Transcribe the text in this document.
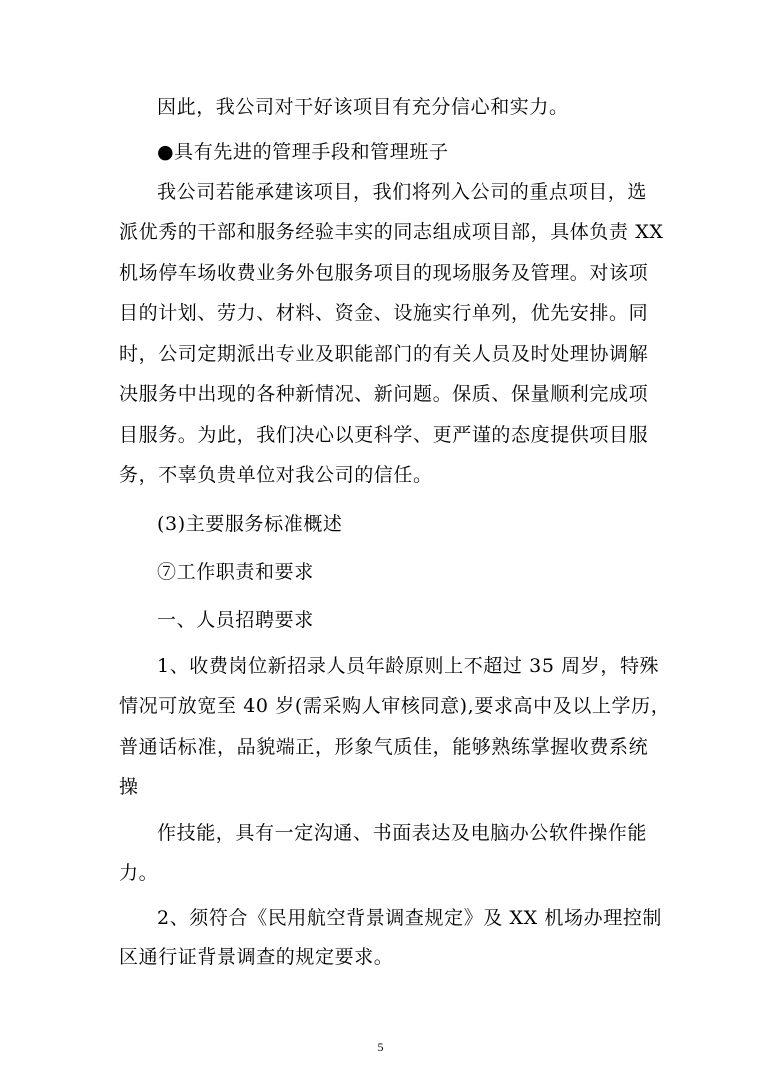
因此，我公司对干好该项目有充分信心和实力。
●具有先进的管理手段和管理班子
我公司若能承建该项目，我们将列入公司的重点项目，选
派优秀的干部和服务经验丰实的同志组成项目部，具体负责 XX
机场停车场收费业务外包服务项目的现场服务及管理。对该项
目的计划、劳力、材料、资金、设施实行单列，优先安排。同
时，公司定期派出专业及职能部门的有关人员及时处理协调解
决服务中出现的各种新情况、新问题。保质、保量顺利完成项
目服务。为此，我们决心以更科学、更严谨的态度提供项目服
务，不辜负贵单位对我公司的信任。
(3)主要服务标准概述
⑦工作职责和要求
一、人员招聘要求
1、收费岗位新招录人员年龄原则上不超过 35 周岁，特殊
情况可放宽至 40 岁(需采购人审核同意),要求高中及以上学历，
普通话标准，品貌端正，形象气质佳，能够熟练掌握收费系统
操
作技能，具有一定沟通、书面表达及电脑办公软件操作能
力。
2、须符合《民用航空背景调查规定》及 XX 机场办理控制
区通行证背景调查的规定要求。
5
